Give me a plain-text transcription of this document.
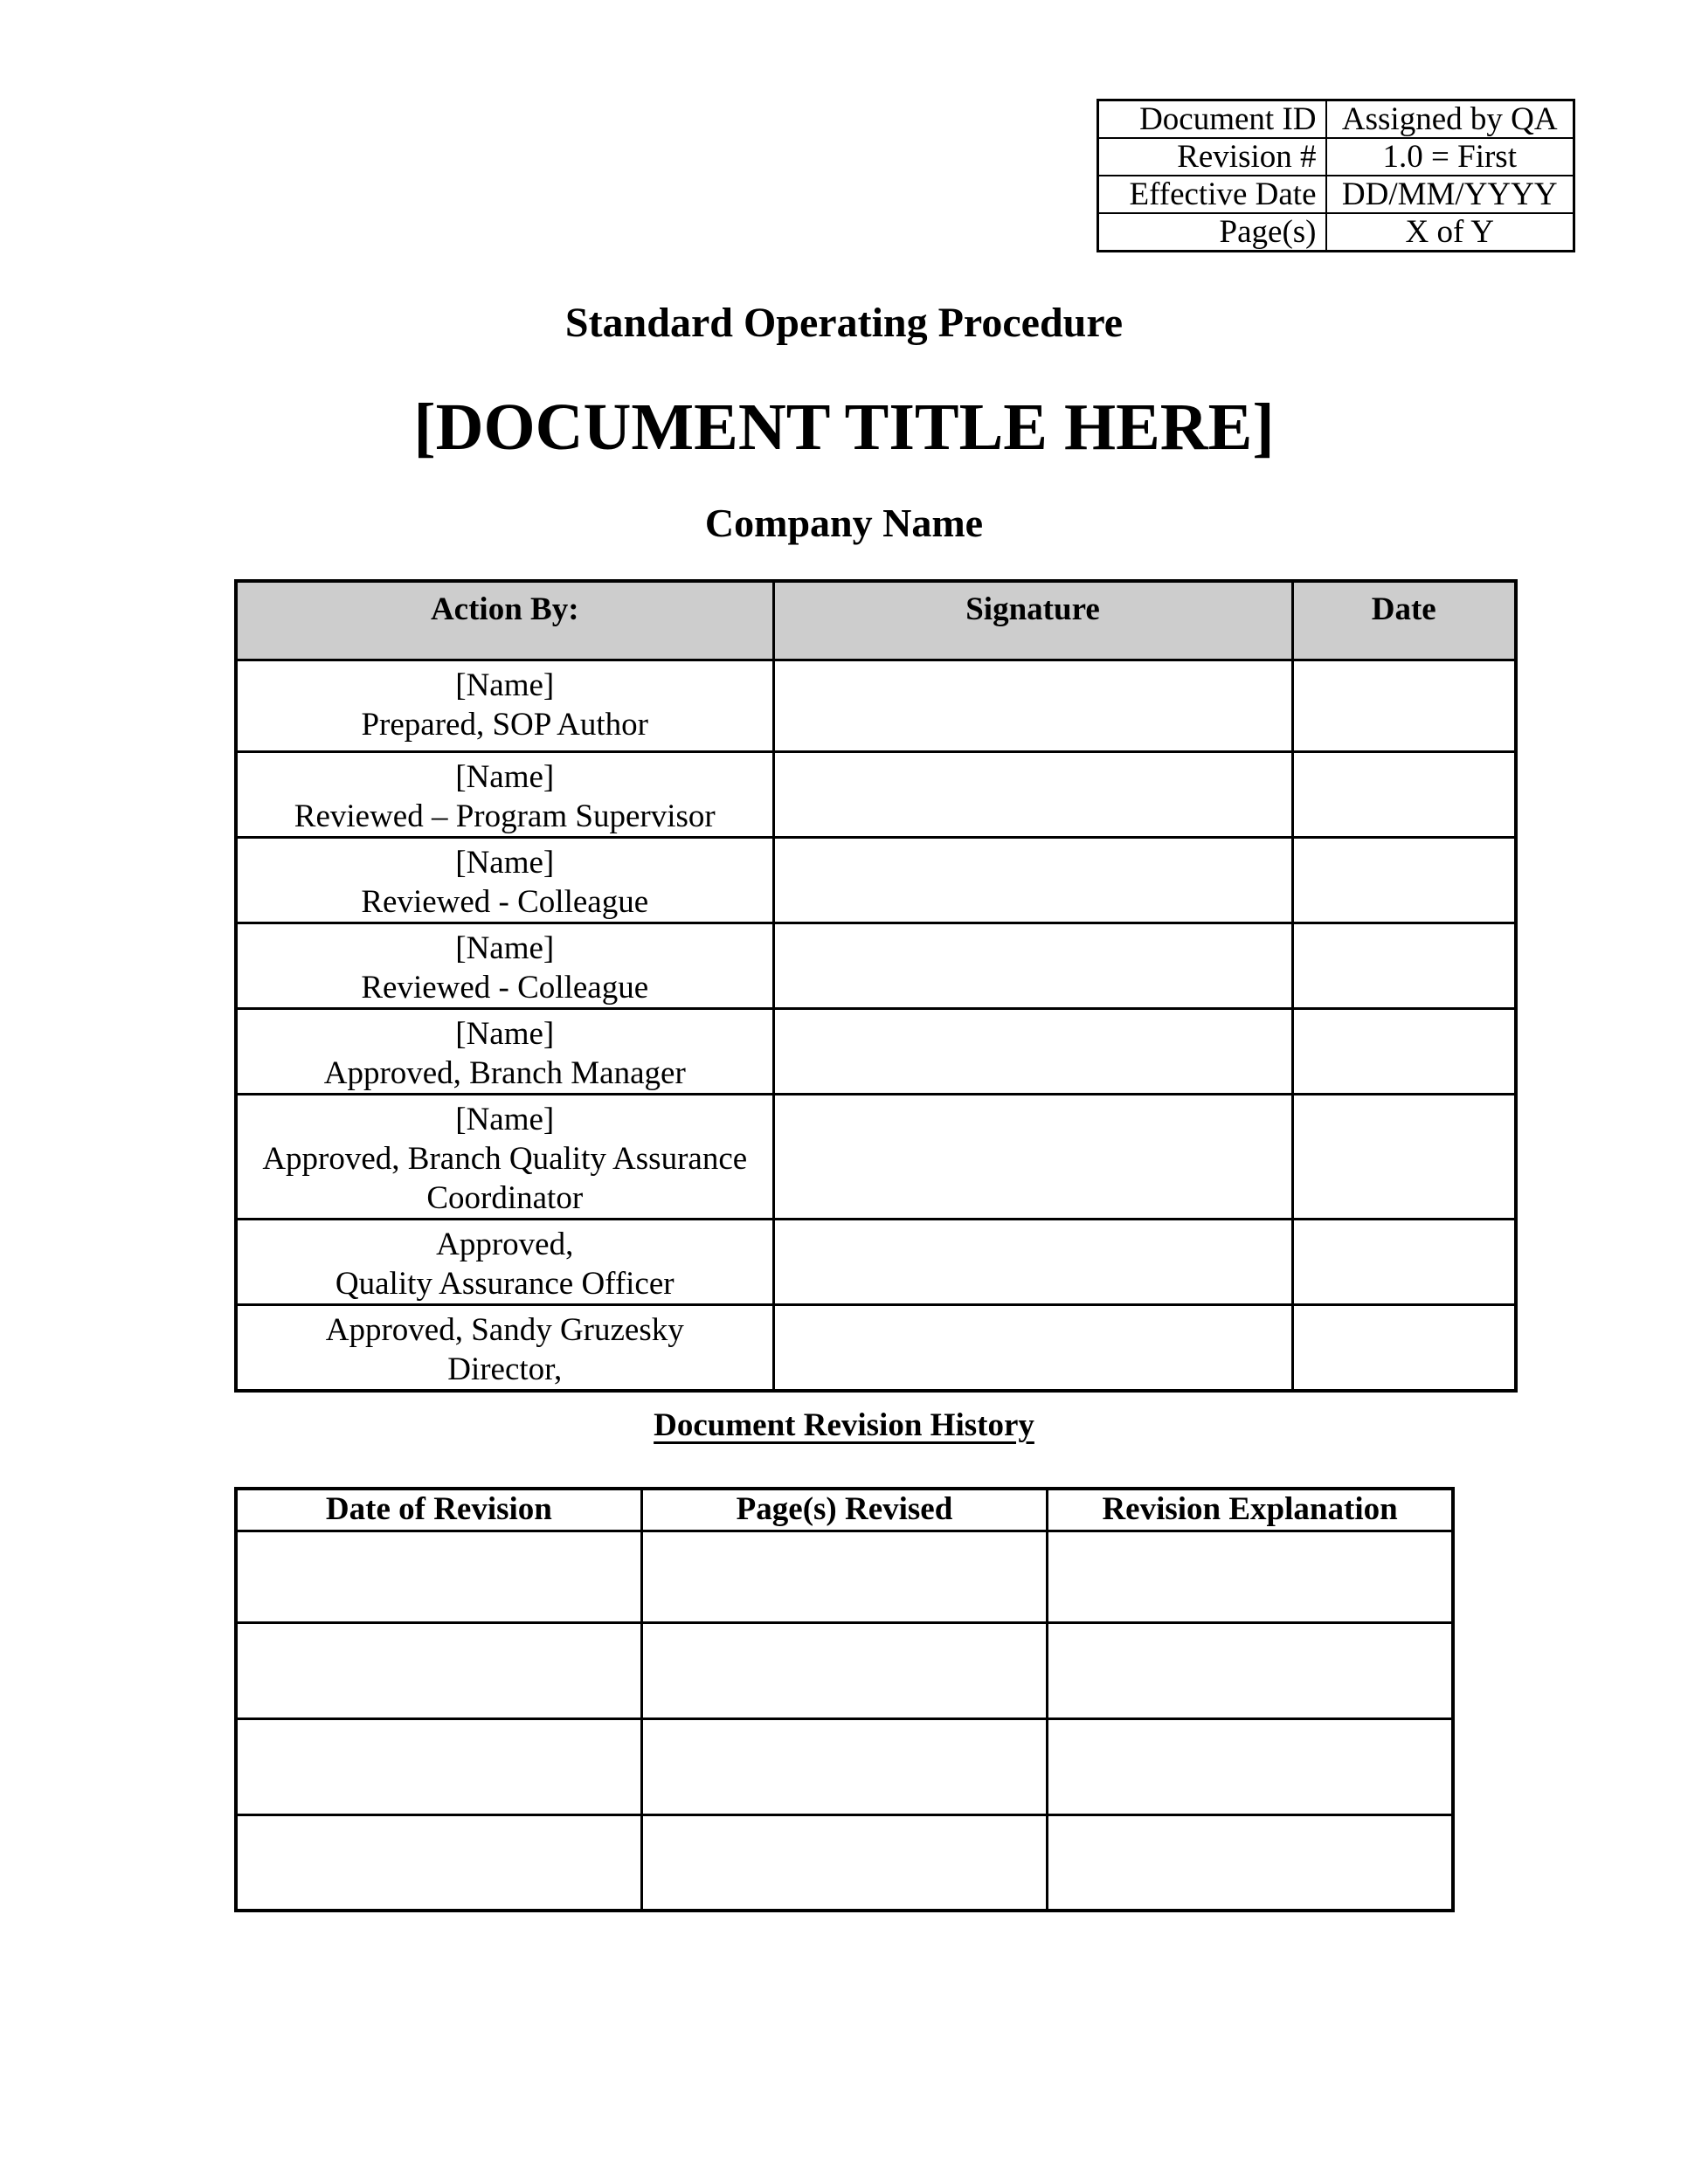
Document ID	Assigned by QA
Revision #	1.0 = First
Effective Date	DD/MM/YYYY
Page(s)	X of Y
Standard Operating Procedure
[DOCUMENT TITLE HERE]
Company Name
Action By:	Signature	Date

[Name]
Prepared, SOP Author		

[Name]
Reviewed – Program Supervisor		

[Name]
Reviewed - Colleague		

[Name]
Reviewed - Colleague		

[Name]
Approved, Branch Manager		

[Name]
Approved, Branch Quality Assurance
Coordinator		

Approved,
Quality Assurance Officer		

Approved, Sandy Gruzesky
Director,		

Document Revision History
Date of Revision	Page(s) Revised	Revision Explanation
